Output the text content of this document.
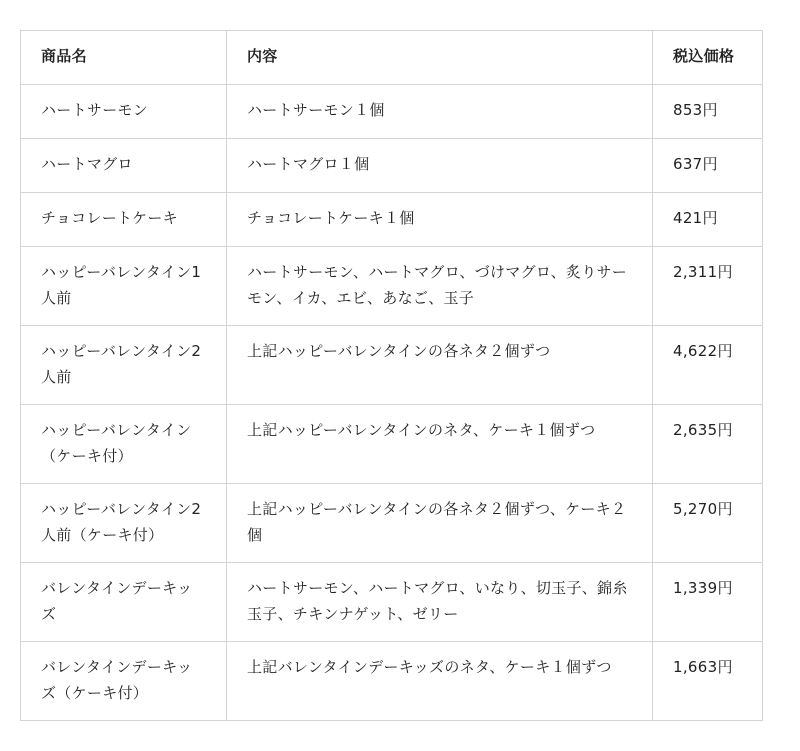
商品名	内容	税込価格
ハートサーモン	ハートサーモン１個	853円
ハートマグロ	ハートマグロ１個	637円
チョコレートケーキ	チョコレートケーキ１個	421円
ハッピーバレンタイン1人前	ハートサーモン、ハートマグロ、づけマグロ、炙りサーモン、イカ、エビ、あなご、玉子	2,311円
ハッピーバレンタイン2人前	上記ハッピーバレンタインの各ネタ２個ずつ	4,622円
ハッピーバレンタイン（ケーキ付）	上記ハッピーバレンタインのネタ、ケーキ１個ずつ	2,635円
ハッピーバレンタイン2人前（ケーキ付）	上記ハッピーバレンタインの各ネタ２個ずつ、ケーキ２個	5,270円
バレンタインデーキッズ	ハートサーモン、ハートマグロ、いなり、切玉子、錦糸玉子、チキンナゲット、ゼリー	1,339円
バレンタインデーキッズ（ケーキ付）	上記バレンタインデーキッズのネタ、ケーキ１個ずつ	1,663円
